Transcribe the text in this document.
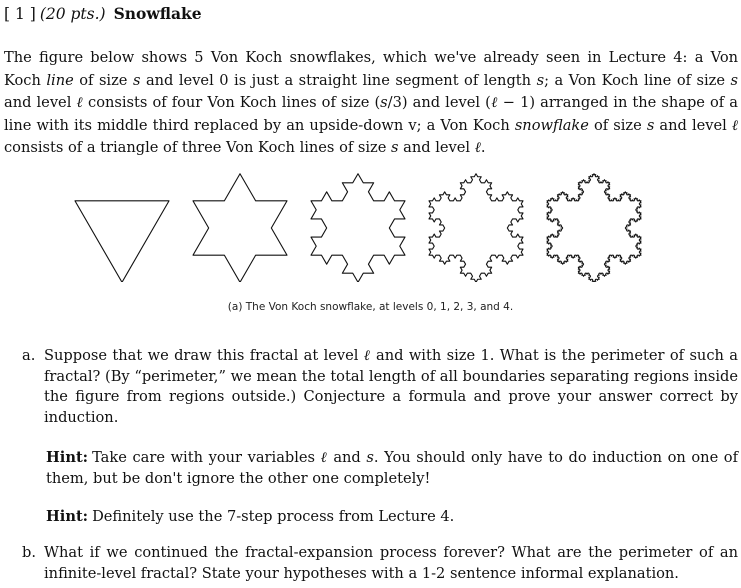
[ 1 ] (20 pts.) Snowflake
The figure below shows 5 Von Koch snowflakes, which we've already seen in Lecture 4: a Von Koch line of size s and level 0 is just a straight line segment of length s; a Von Koch line of size s and level ℓ consists of four Von Koch lines of size (s/3) and level (ℓ − 1) arranged in the shape of a line with its middle third replaced by an upside-down v; a Von Koch snowflake of size s and level ℓ consists of a triangle of three Von Koch lines of size s and level ℓ.
(a) The Von Koch snowflake, at levels 0, 1, 2, 3, and 4.
a. Suppose that we draw this fractal at level ℓ and with size 1. What is the perimeter of such a fractal? (By “perimeter,” we mean the total length of all boundaries separating regions inside the figure from regions outside.) Conjecture a formula and prove your answer correct by induction.
Hint: Take care with your variables ℓ and s. You should only have to do induction on one of them, but be don't ignore the other one completely!
Hint: Definitely use the 7-step process from Lecture 4.
b. What if we continued the fractal-expansion process forever? What are the perimeter of an infinite-level fractal? State your hypotheses with a 1-2 sentence informal explanation.
